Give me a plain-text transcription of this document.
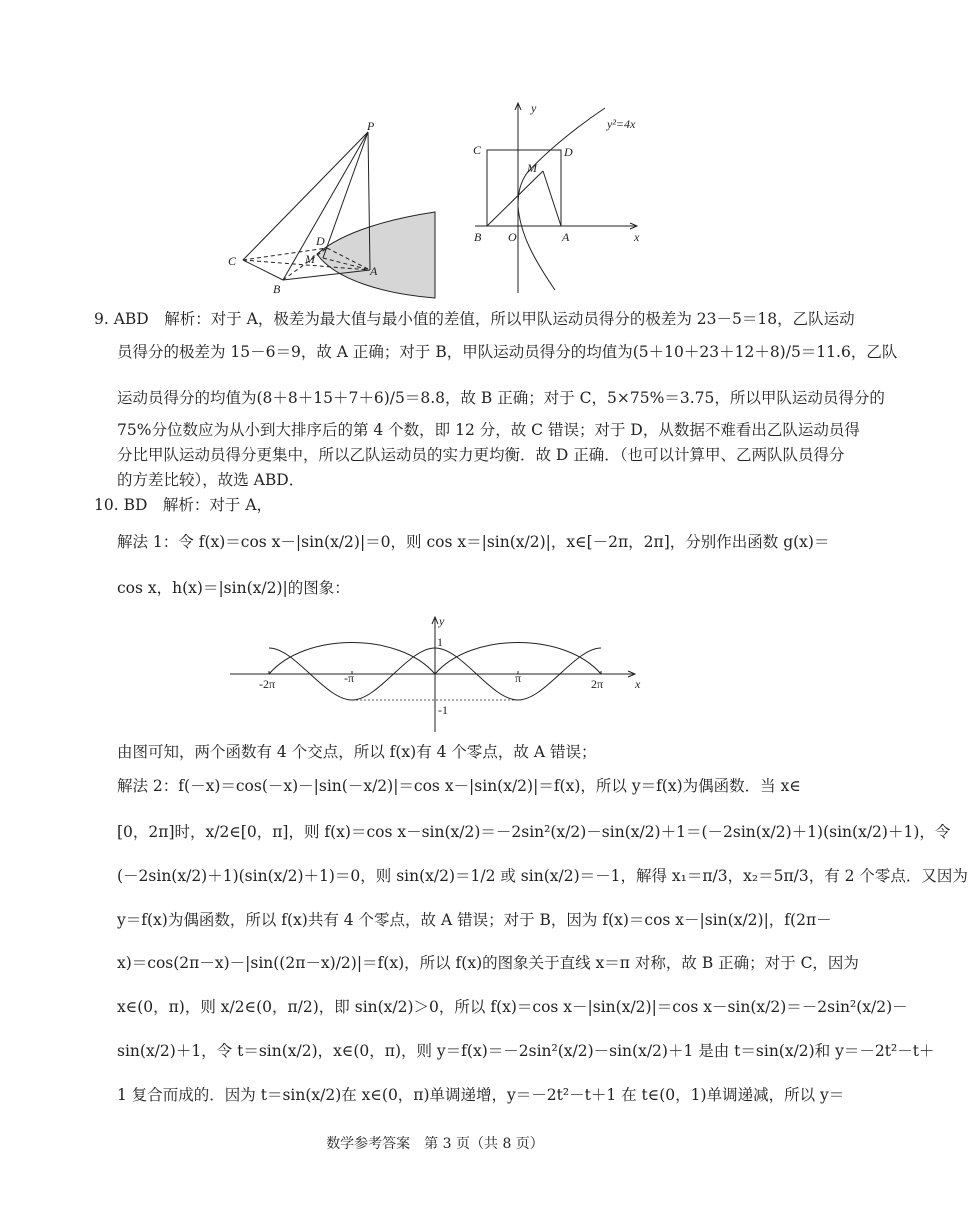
P
C
B
D
M
A
y
x
C	D
M
B O	A
y²=4x
9. ABD　解析：对于 A，极差为最大值与最小值的差值，所以甲队运动员得分的极差为 23－5＝18，乙队运动
员得分的极差为 15－6＝9，故 A 正确；对于 B，甲队运动员得分的均值为(5＋10＋23＋12＋8)/5＝11.6，乙队
运动员得分的均值为(8＋8＋15＋7＋6)/5＝8.8，故 B 正确；对于 C，5×75%＝3.75，所以甲队运动员得分的
75%分位数应为从小到大排序后的第 4 个数，即 12 分，故 C 错误；对于 D，从数据不难看出乙队运动员得
分比甲队运动员得分更集中，所以乙队运动员的实力更均衡．故 D 正确．（也可以计算甲、乙两队队员得分
的方差比较），故选 ABD．
10. BD　解析：对于 A，
解法 1：令 f(x)＝cos x－|sin(x/2)|＝0，则 cos x＝|sin(x/2)|，x∈[－2π，2π]，分别作出函数 g(x)＝
cos x，h(x)＝|sin(x/2)|的图象：
y
x
1
-1
-2π	-π	π	2π
由图可知，两个函数有 4 个交点，所以 f(x)有 4 个零点，故 A 错误；
解法 2：f(－x)＝cos(－x)－|sin(－x/2)|＝cos x－|sin(x/2)|＝f(x)，所以 y＝f(x)为偶函数．当 x∈
[0，2π]时，x/2∈[0，π]，则 f(x)＝cos x－sin(x/2)＝－2sin²(x/2)－sin(x/2)＋1＝(－2sin(x/2)＋1)(sin(x/2)＋1)，令
(－2sin(x/2)＋1)(sin(x/2)＋1)＝0，则 sin(x/2)＝1/2 或 sin(x/2)＝－1，解得 x₁＝π/3，x₂＝5π/3，有 2 个零点．又因为
y＝f(x)为偶函数，所以 f(x)共有 4 个零点，故 A 错误；对于 B，因为 f(x)＝cos x－|sin(x/2)|，f(2π－
x)＝cos(2π－x)－|sin((2π－x)/2)|＝f(x)，所以 f(x)的图象关于直线 x＝π 对称，故 B 正确；对于 C，因为
x∈(0，π)，则 x/2∈(0，π/2)，即 sin(x/2)＞0，所以 f(x)＝cos x－|sin(x/2)|＝cos x－sin(x/2)＝－2sin²(x/2)－
sin(x/2)＋1，令 t＝sin(x/2)，x∈(0，π)，则 y＝f(x)＝－2sin²(x/2)－sin(x/2)＋1 是由 t＝sin(x/2)和 y＝－2t²－t＋
1 复合而成的．因为 t＝sin(x/2)在 x∈(0，π)单调递增，y＝－2t²－t＋1 在 t∈(0，1)单调递减，所以 y＝
数学参考答案　第 3 页（共 8 页）
